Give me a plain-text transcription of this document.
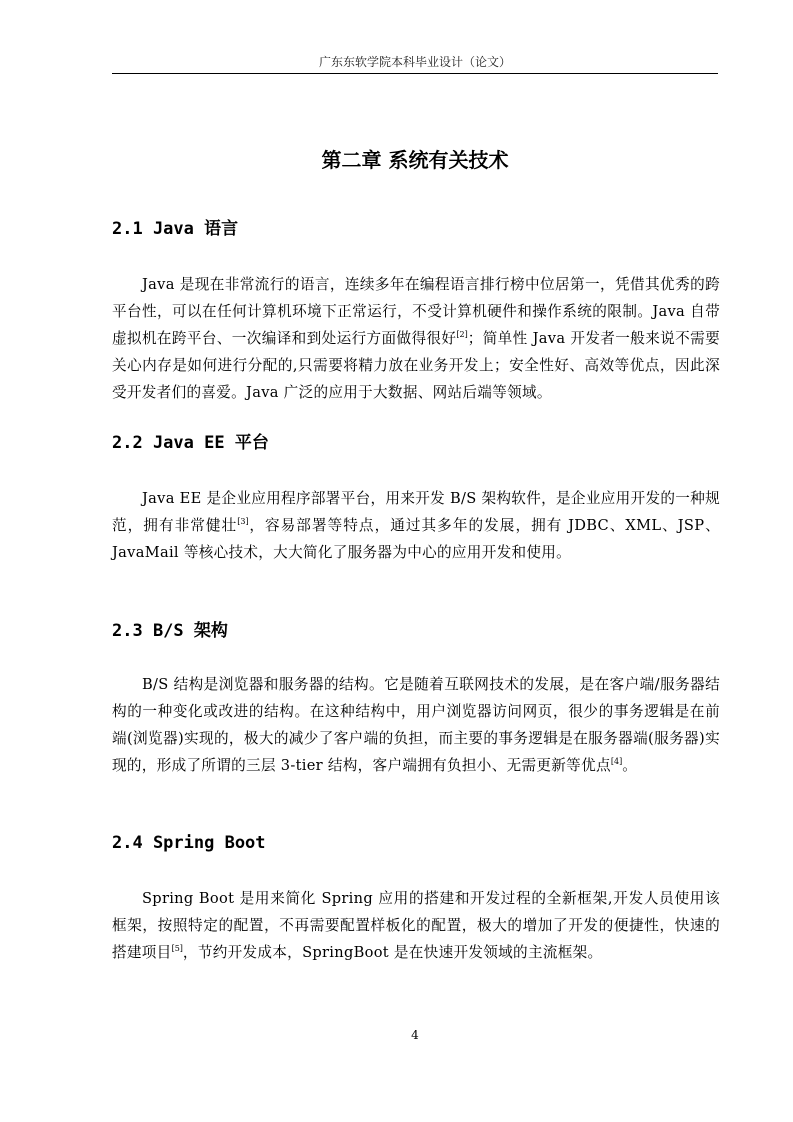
广东东软学院本科毕业设计（论文）
第二章 系统有关技术
2.1 Java 语言
Java 是现在非常流行的语言，连续多年在编程语言排行榜中位居第一，凭借其优秀的跨平台性，可以在任何计算机环境下正常运行，不受计算机硬件和操作系统的限制。Java 自带虚拟机在跨平台、一次编译和到处运行方面做得很好[2]；简单性 Java 开发者一般来说不需要关心内存是如何进行分配的,只需要将精力放在业务开发上；安全性好、高效等优点，因此深受开发者们的喜爱。Java 广泛的应用于大数据、网站后端等领域。
2.2 Java EE 平台
Java EE 是企业应用程序部署平台，用来开发 B/S 架构软件，是企业应用开发的一种规范，拥有非常健壮[3]，容易部署等特点，通过其多年的发展，拥有 JDBC、XML、JSP、JavaMail 等核心技术，大大简化了服务器为中心的应用开发和使用。
2.3 B/S 架构
B/S 结构是浏览器和服务器的结构。它是随着互联网技术的发展，是在客户端/服务器结构的一种变化或改进的结构。在这种结构中，用户浏览器访问网页，很少的事务逻辑是在前端(浏览器)实现的，极大的减少了客户端的负担，而主要的事务逻辑是在服务器端(服务器)实现的，形成了所谓的三层 3-tier 结构，客户端拥有负担小、无需更新等优点[4]。
2.4 Spring Boot
Spring Boot 是用来简化 Spring 应用的搭建和开发过程的全新框架,开发人员使用该框架，按照特定的配置，不再需要配置样板化的配置，极大的增加了开发的便捷性，快速的搭建项目[5]，节约开发成本，SpringBoot 是在快速开发领域的主流框架。
4
